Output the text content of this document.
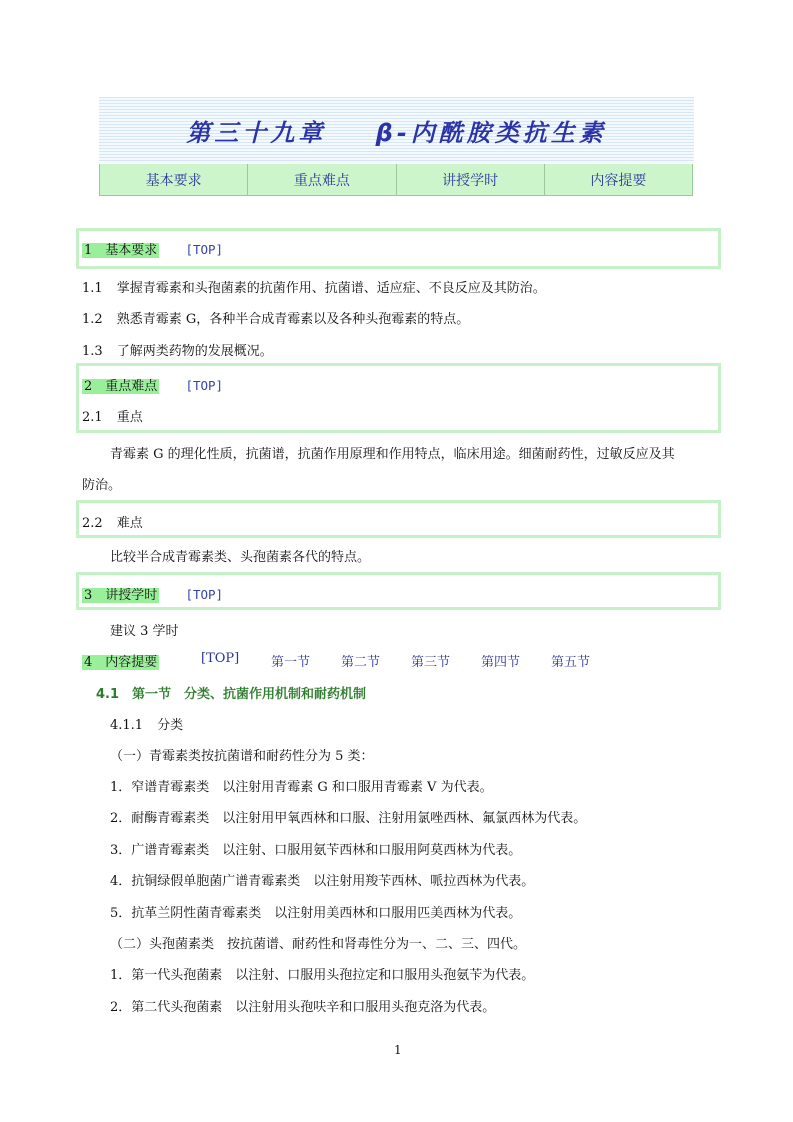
第三十九章    β-内酰胺类抗生素
基本要求	重点难点	讲授学时	内容提要
1　 基本要求 [TOP]
1.1 掌握青霉素和头孢菌素的抗菌作用、抗菌谱、适应症、不良反应及其防治。
1.2 熟悉青霉素 G，各种半合成青霉素以及各种头孢霉素的特点。
1.3 了解两类药物的发展概况。
2　 重点难点 [TOP]
2.1 重点
青霉素 G 的理化性质，抗菌谱，抗菌作用原理和作用特点，临床用途。细菌耐药性，过敏反应及其
防治。
2.2 难点
比较半合成青霉素类、头孢菌素各代的特点。
3　 讲授学时 [TOP]
建议 3 学时
4　 内容提要	[TOP] 第一节 第二节 第三节 第四节 第五节
4.1　第一节　分类、抗菌作用机制和耐药机制
4.1.1 分类
（一）青霉素类按抗菌谱和耐药性分为 5 类：
1．窄谱青霉素类　以注射用青霉素 G 和口服用青霉素 V 为代表。
2．耐酶青霉素类　以注射用甲氧西林和口服、注射用氯唑西林、氟氯西林为代表。
3．广谱青霉素类　以注射、口服用氨苄西林和口服用阿莫西林为代表。
4．抗铜绿假单胞菌广谱青霉素类　以注射用羧苄西林、哌拉西林为代表。
5．抗革兰阴性菌青霉素类　以注射用美西林和口服用匹美西林为代表。
（二）头孢菌素类　按抗菌谱、耐药性和肾毒性分为一、二、三、四代。
1．第一代头孢菌素　以注射、口服用头孢拉定和口服用头孢氨苄为代表。
2．第二代头孢菌素　以注射用头孢呋辛和口服用头孢克洛为代表。
1
